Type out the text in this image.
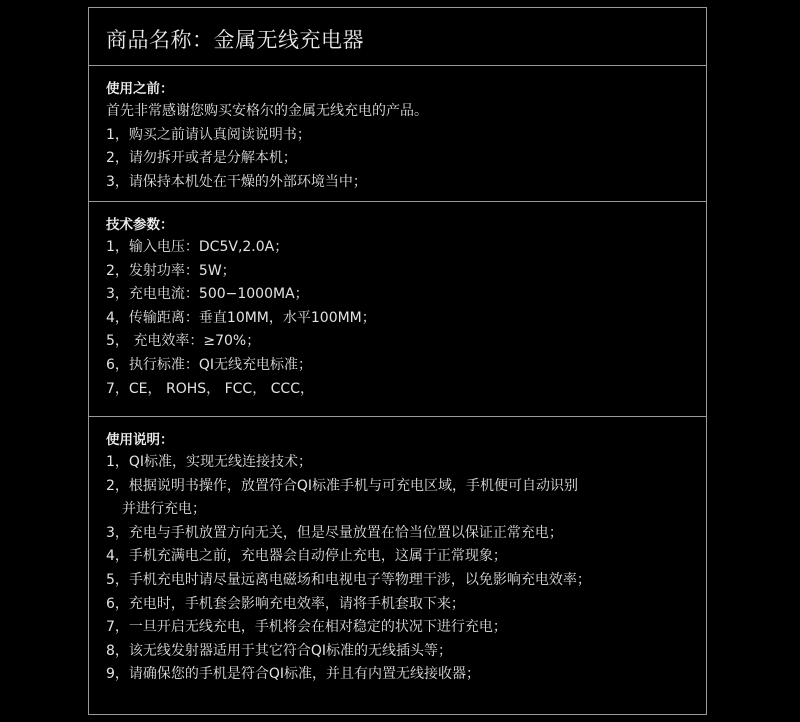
商品名称：金属无线充电器
使用之前：
首先非常感谢您购买安格尔的金属无线充电的产品。
1，购买之前请认真阅读说明书；
2，请勿拆开或者是分解本机；
3，请保持本机处在干燥的外部环境当中；
技术参数：
1，输入电压：DC5V,2.0A；
2，发射功率：5W；
3，充电电流：500−1000MA；
4，传输距离：垂直10MM，水平100MM；
5， 充电效率：≥70%；
6，执行标准：QI无线充电标准；
7，CE， ROHS， FCC， CCC，
使用说明：
1，QI标准，实现无线连接技术；
2，根据说明书操作，放置符合QI标准手机与可充电区域，手机便可自动识别
并进行充电；
3，充电与手机放置方向无关，但是尽量放置在恰当位置以保证正常充电；
4，手机充满电之前，充电器会自动停止充电，这属于正常现象；
5，手机充电时请尽量远离电磁场和电视电子等物理干涉，以免影响充电效率；
6，充电时，手机套会影响充电效率，请将手机套取下来；
7，一旦开启无线充电，手机将会在相对稳定的状况下进行充电；
8，该无线发射器适用于其它符合QI标准的无线插头等；
9，请确保您的手机是符合QI标准，并且有内置无线接收器；
